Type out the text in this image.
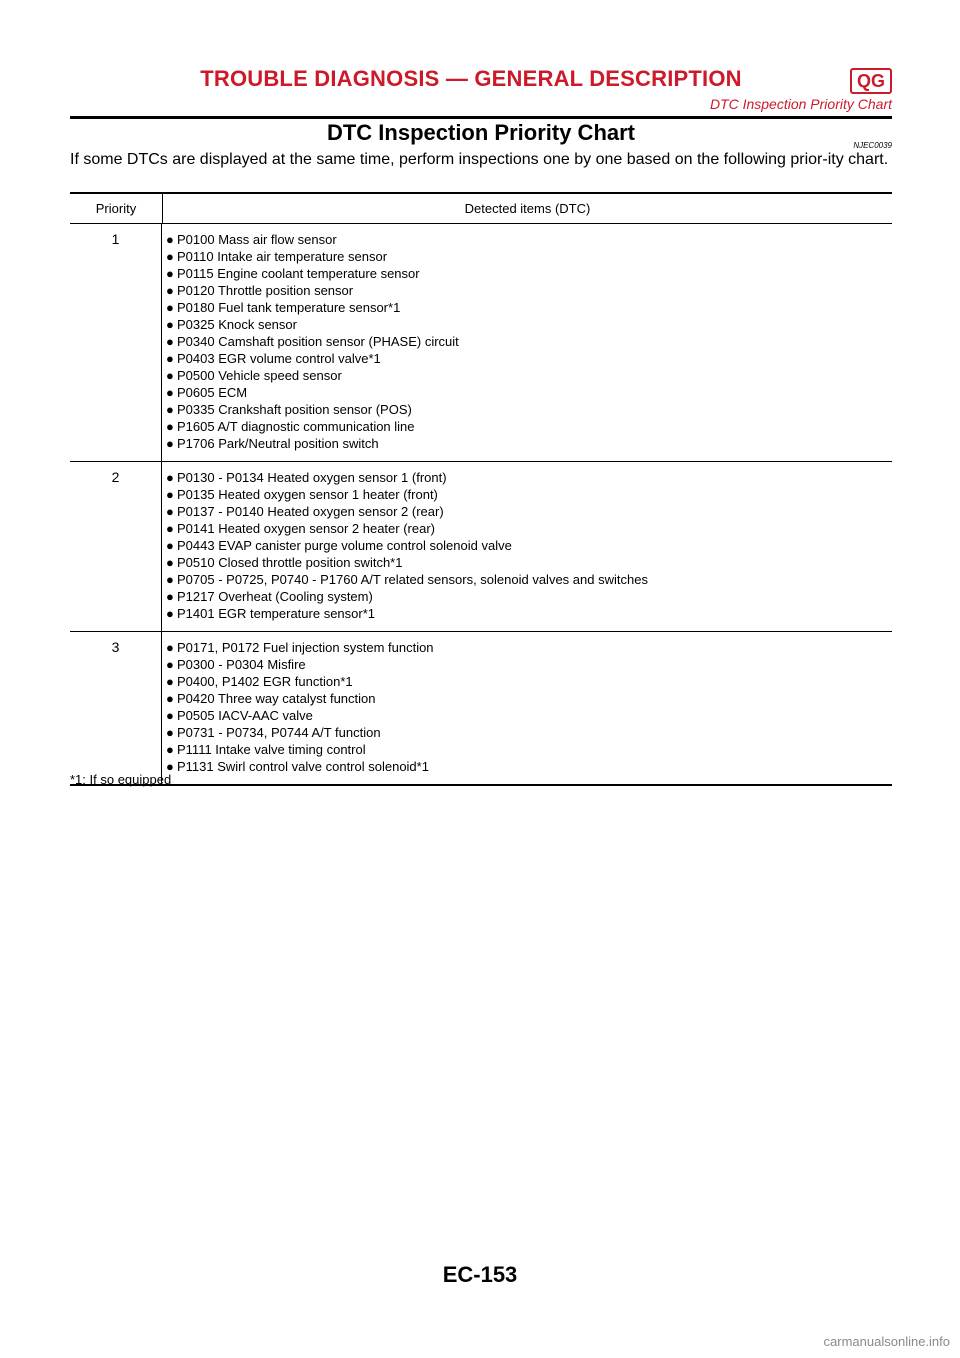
TROUBLE DIAGNOSIS — GENERAL DESCRIPTION	QG
DTC Inspection Priority Chart
DTC Inspection Priority Chart
NJEC0039
If some DTCs are displayed at the same time, perform inspections one by one based on the following prior-ity chart.
Priority	Detected items (DTC)
1	● P0100 Mass air flow sensor
● P0110 Intake air temperature sensor
● P0115 Engine coolant temperature sensor
● P0120 Throttle position sensor
● P0180 Fuel tank temperature sensor*1
● P0325 Knock sensor
● P0340 Camshaft position sensor (PHASE) circuit
● P0403 EGR volume control valve*1
● P0500 Vehicle speed sensor
● P0605 ECM
● P0335 Crankshaft position sensor (POS)
● P1605 A/T diagnostic communication line
● P1706 Park/Neutral position switch
2	● P0130 - P0134 Heated oxygen sensor 1 (front)
● P0135 Heated oxygen sensor 1 heater (front)
● P0137 - P0140 Heated oxygen sensor 2 (rear)
● P0141 Heated oxygen sensor 2 heater (rear)
● P0443 EVAP canister purge volume control solenoid valve
● P0510 Closed throttle position switch*1
● P0705 - P0725, P0740 - P1760 A/T related sensors, solenoid valves and switches
● P1217 Overheat (Cooling system)
● P1401 EGR temperature sensor*1
3	● P0171, P0172 Fuel injection system function
● P0300 - P0304 Misfire
● P0400, P1402 EGR function*1
● P0420 Three way catalyst function
● P0505 IACV-AAC valve
● P0731 - P0734, P0744 A/T function
● P1111 Intake valve timing control
● P1131 Swirl control valve control solenoid*1
*1: If so equipped
EC-153
carmanualsonline.info
